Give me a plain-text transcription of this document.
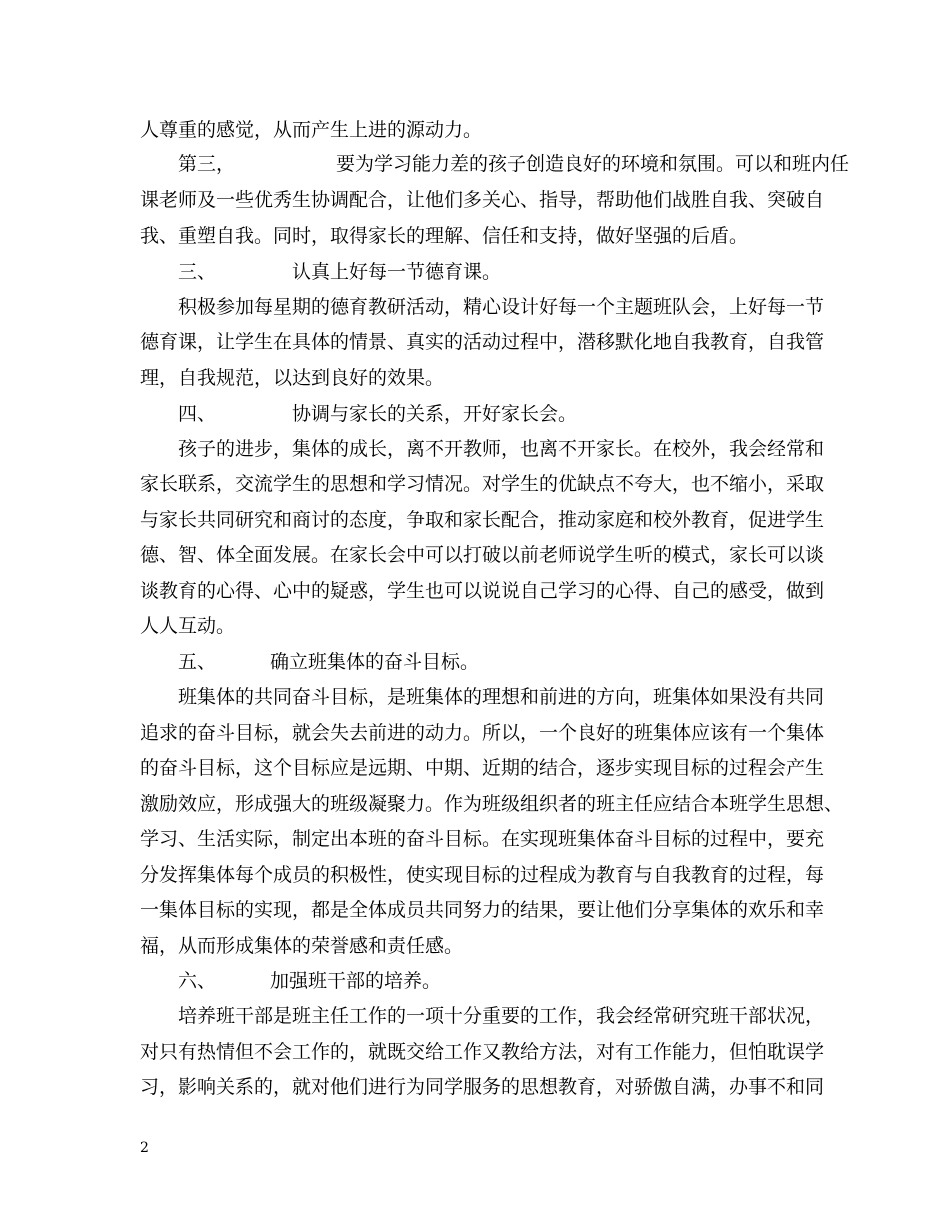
人尊重的感觉，从而产生上进的源动力。
第三，	要为学习能力差的孩子创造良好的环境和氛围。可以和班内任
课老师及一些优秀生协调配合，让他们多关心、指导，帮助他们战胜自我、突破自
我、重塑自我。同时，取得家长的理解、信任和支持，做好坚强的后盾。
三、	认真上好每一节德育课。
积极参加每星期的德育教研活动，精心设计好每一个主题班队会，上好每一节
德育课，让学生在具体的情景、真实的活动过程中，潜移默化地自我教育，自我管
理，自我规范，以达到良好的效果。
四、	协调与家长的关系，开好家长会。
孩子的进步，集体的成长，离不开教师，也离不开家长。在校外，我会经常和
家长联系，交流学生的思想和学习情况。对学生的优缺点不夸大，也不缩小，采取
与家长共同研究和商讨的态度，争取和家长配合，推动家庭和校外教育，促进学生
德、智、体全面发展。在家长会中可以打破以前老师说学生听的模式，家长可以谈
谈教育的心得、心中的疑惑，学生也可以说说自己学习的心得、自己的感受，做到
人人互动。
五、	确立班集体的奋斗目标。
班集体的共同奋斗目标，是班集体的理想和前进的方向，班集体如果没有共同
追求的奋斗目标，就会失去前进的动力。所以，一个良好的班集体应该有一个集体
的奋斗目标，这个目标应是远期、中期、近期的结合，逐步实现目标的过程会产生
激励效应，形成强大的班级凝聚力。作为班级组织者的班主任应结合本班学生思想、
学习、生活实际，制定出本班的奋斗目标。在实现班集体奋斗目标的过程中，要充
分发挥集体每个成员的积极性，使实现目标的过程成为教育与自我教育的过程，每
一集体目标的实现，都是全体成员共同努力的结果，要让他们分享集体的欢乐和幸
福，从而形成集体的荣誉感和责任感。
六、	加强班干部的培养。
培养班干部是班主任工作的一项十分重要的工作，我会经常研究班干部状况，
对只有热情但不会工作的，就既交给工作又教给方法，对有工作能力，但怕耽误学
习，影响关系的，就对他们进行为同学服务的思想教育，对骄傲自满，办事不和同
2
